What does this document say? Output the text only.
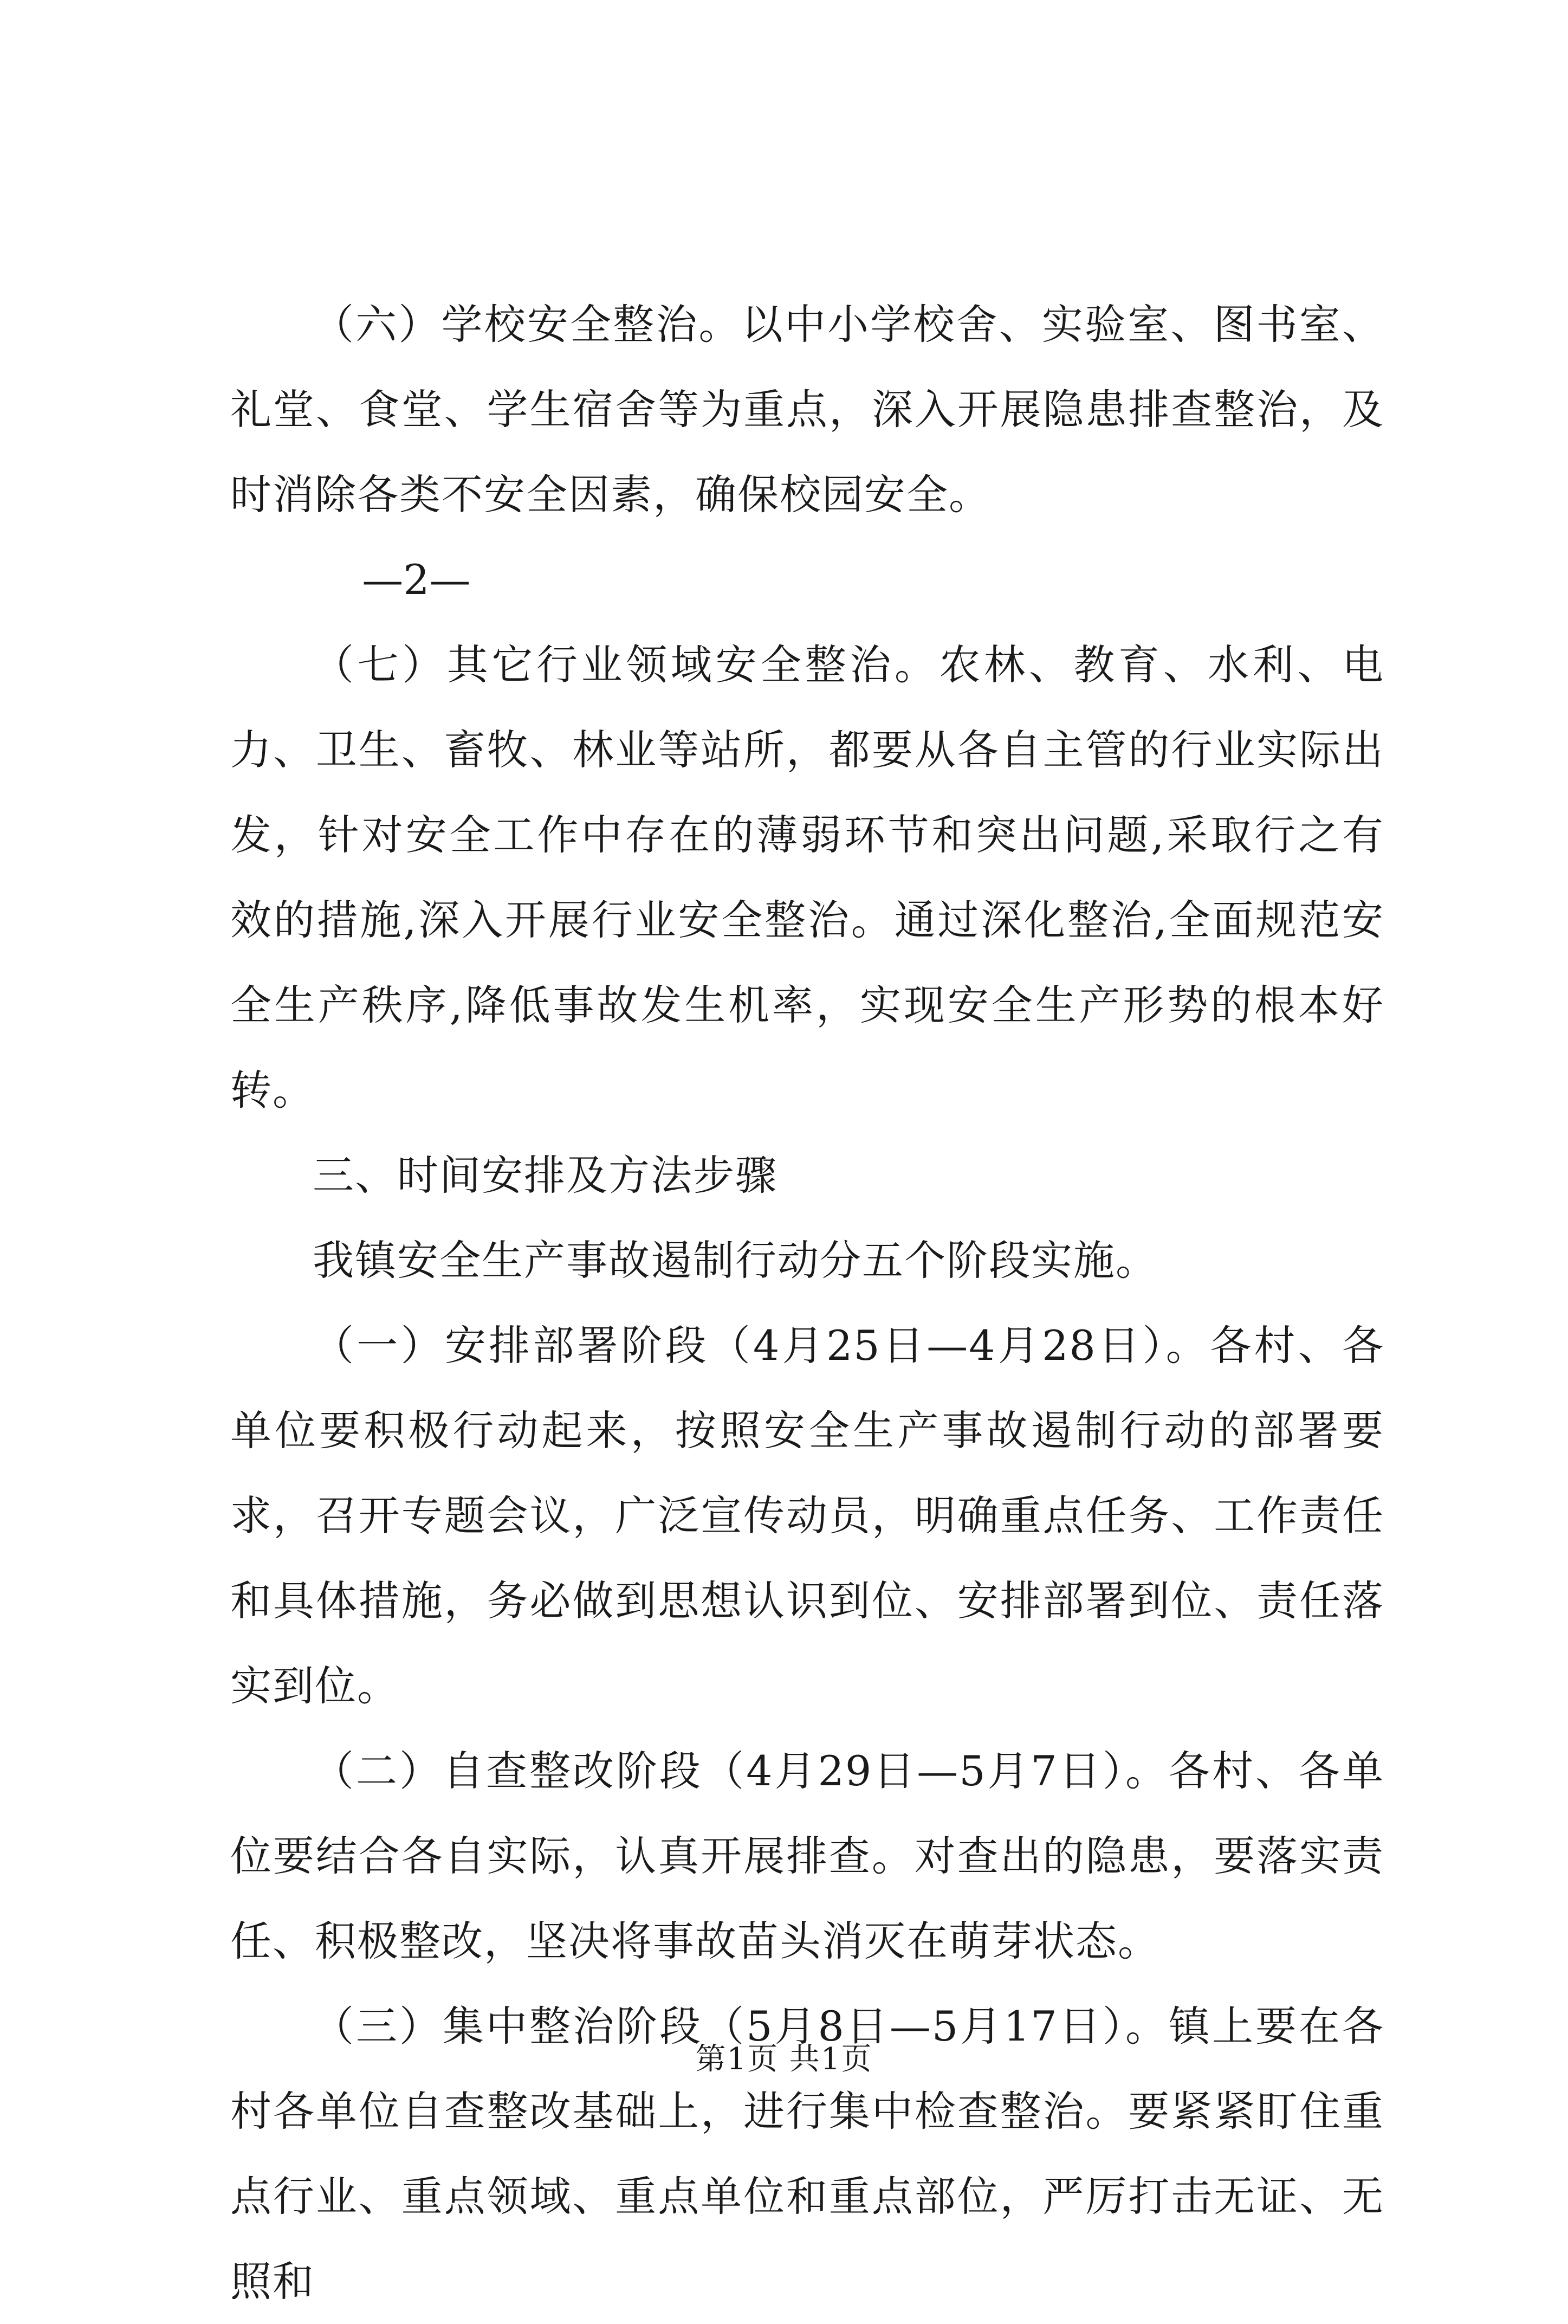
（六）学校安全整治。以中小学校舍、实验室、图书室、礼堂、食堂、学生宿舍等为重点，深入开展隐患排查整治，及时消除各类不安全因素，确保校园安全。

—2—

（七）其它行业领域安全整治。农林、教育、水利、电力、卫生、畜牧、林业等站所，都要从各自主管的行业实际出发，针对安全工作中存在的薄弱环节和突出问题,采取行之有效的措施,深入开展行业安全整治。通过深化整治,全面规范安全生产秩序,降低事故发生机率，实现安全生产形势的根本好转。

三、时间安排及方法步骤

我镇安全生产事故遏制行动分五个阶段实施。

（一）安排部署阶段（4月25日—4月28日）。各村、各单位要积极行动起来，按照安全生产事故遏制行动的部署要求，召开专题会议，广泛宣传动员，明确重点任务、工作责任和具体措施，务必做到思想认识到位、安排部署到位、责任落实到位。

（二）自查整改阶段（4月29日—5月7日）。各村、各单位要结合各自实际，认真开展排查。对查出的隐患，要落实责任、积极整改，坚决将事故苗头消灭在萌芽状态。

（三）集中整治阶段（5月8日—5月17日）。镇上要在各村各单位自查整改基础上，进行集中检查整治。要紧紧盯住重点行业、重点领域、重点单位和重点部位，严厉打击无证、无照和

第1页 共1页
